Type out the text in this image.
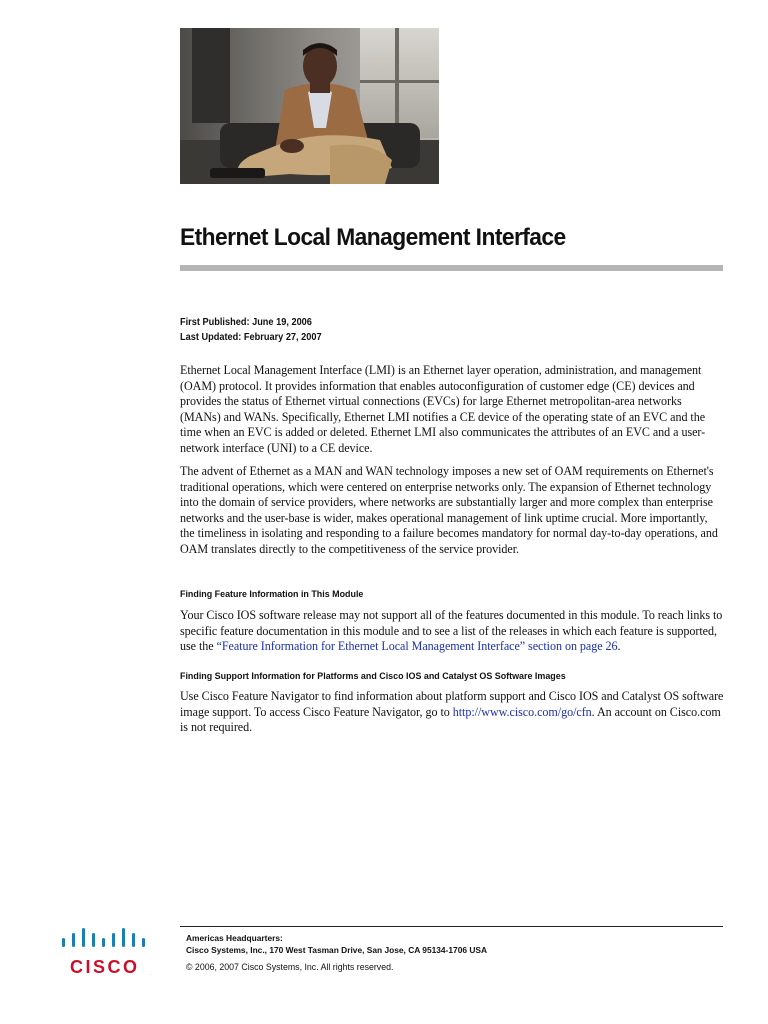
Ethernet Local Management Interface
First Published: June 19, 2006
Last Updated: February 27, 2007

Ethernet Local Management Interface (LMI) is an Ethernet layer operation, administration, and management (OAM) protocol. It provides information that enables autoconfiguration of customer edge (CE) devices and provides the status of Ethernet virtual connections (EVCs) for large Ethernet metropolitan-area networks (MANs) and WANs. Specifically, Ethernet LMI notifies a CE device of the operating state of an EVC and the time when an EVC is added or deleted. Ethernet LMI also communicates the attributes of an EVC and a user-network interface (UNI) to a CE device.

The advent of Ethernet as a MAN and WAN technology imposes a new set of OAM requirements on Ethernet's traditional operations, which were centered on enterprise networks only. The expansion of Ethernet technology into the domain of service providers, where networks are substantially larger and more complex than enterprise networks and the user-base is wider, makes operational management of link uptime crucial. More importantly, the timeliness in isolating and responding to a failure becomes mandatory for normal day-to-day operations, and OAM translates directly to the competitiveness of the service provider.

Finding Feature Information in This Module

Your Cisco IOS software release may not support all of the features documented in this module. To reach links to specific feature documentation in this module and to see a list of the releases in which each feature is supported, use the “Feature Information for Ethernet Local Management Interface” section on page 26.

Finding Support Information for Platforms and Cisco IOS and Catalyst OS Software Images

Use Cisco Feature Navigator to find information about platform support and Cisco IOS and Catalyst OS software image support. To access Cisco Feature Navigator, go to http://www.cisco.com/go/cfn. An account on Cisco.com is not required.

Americas Headquarters:
Cisco Systems, Inc., 170 West Tasman Drive, San Jose, CA 95134-1706 USA
© 2006, 2007 Cisco Systems, Inc. All rights reserved.
CISCO	.
